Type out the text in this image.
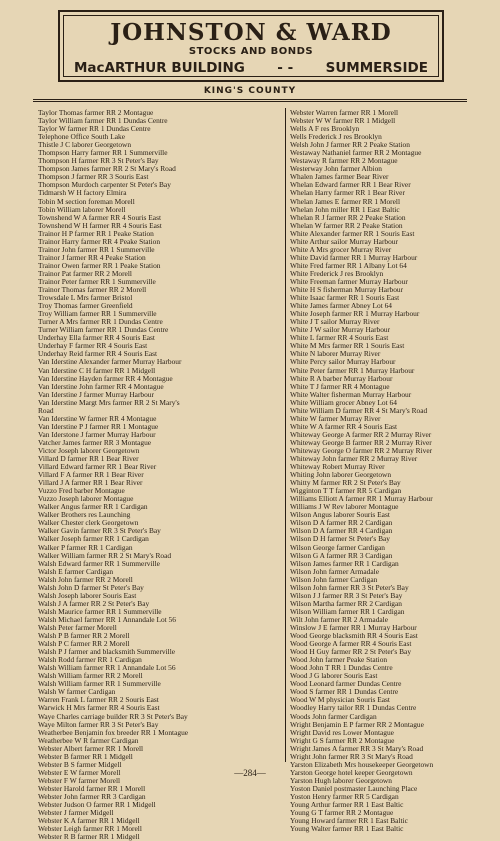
JOHNSTON & WARD
STOCKS AND BONDS
MacARTHUR BUILDING - - SUMMERSIDE
KING'S COUNTY
Taylor Thomas farmer RR 2 Montague
Taylor William farmer RR 1 Dundas Centre
Taylor W farmer RR 1 Dundas Centre
Telephone Office South Lake
Thistle J C laborer Georgetown
Thompson Harry farmer RR 1 Summerville
Thompson H farmer RR 3 St Peter's Bay
Thompson James farmer RR 2 St Mary's Road
Thompson J farmer RR 3 Souris East
Thompson Murdoch carpenter St Peter's Bay
Tidmarsh W H factory Elmira
Tobin M section foreman Morell
Tobin William laborer Morell
Townshend W A farmer RR 4 Souris East
Townshend W H farmer RR 4 Souris East
Trainor H P farmer RR 1 Peake Station
Trainor Harry farmer RR 4 Peake Station
Trainor John farmer RR 1 Summerville
Trainor J farmer RR 4 Peake Station
Trainor Owen farmer RR 1 Peake Station
Trainor Pat farmer RR 2 Morell
Trainor Peter farmer RR 1 Summerville
Trainor Thomas farmer RR 2 Morell
Trowsdale L Mrs farmer Bristol
Troy Thomas farmer Greenfield
Troy William farmer RR 1 Summerville
Turner A Mrs farmer RR 1 Dundas Centre
Turner William farmer RR 1 Dundas Centre
Underhay Ella farmer RR 4 Souris East
Underhay F farmer RR 4 Souris East
Underhay Reid farmer RR 4 Souris East
Van Iderstine Alexander farmer Murray Harbour
Van Iderstine C H farmer RR 1 Midgell
Van Iderstine Hayden farmer RR 4 Montague
Van Iderstine John farmer RR 4 Montague
Van Iderstine J farmer Murray Harbour
Van Iderstine Margt Mrs farmer RR 2 St Mary's
Road
Van Iderstine W farmer RR 4 Montague
Van Iderstine P J farmer RR 1 Montague
Van Iderstone J farmer Murray Harbour
Vatcher James farmer RR 3 Montague
Victor Joseph laborer Georgetown
Villard D farmer RR 1 Bear River
Villard Edward farmer RR 1 Bear River
Villard F A farmer RR 1 Bear River
Villard J A farmer RR 1 Bear River
Vuzzo Fred barber Montague
Vuzzo Joseph laborer Montague
Walker Angus farmer RR 1 Cardigan
Walker Brothers res Launching
Walker Chester clerk Georgetown
Walker Gavin farmer RR 3 St Peter's Bay
Walker Joseph farmer RR 1 Cardigan
Walker P farmer RR 1 Cardigan
Walker William farmer RR 2 St Mary's Road
Walsh Edward farmer RR 1 Summerville
Walsh E farmer Cardigan
Walsh John farmer RR 2 Morell
Walsh John D farmer St Peter's Bay
Walsh Joseph laborer Souris East
Walsh J A farmer RR 2 St Peter's Bay
Walsh Maurice farmer RR 1 Summerville
Walsh Michael farmer RR 1 Annandale Lot 56
Walsh Peter farmer Morell
Walsh P B farmer RR 2 Morell
Walsh P C farmer RR 2 Morell
Walsh P J farmer and blacksmith Summerville
Walsh Rodd farmer RR 1 Cardigan
Walsh William farmer RR 1 Annandale Lot 56
Walsh William farmer RR 2 Morell
Walsh William farmer RR 1 Summerville
Walsh W farmer Cardigan
Warren Frank L farmer RR 2 Souris East
Warwick H Mrs farmer RR 4 Souris East
Waye Charles carriage builder RR 3 St Peter's Bay
Waye Milton farmer RR 3 St Peter's Bay
Weatherbee Benjamin fox breeder RR 1 Montague
Weatherbee W R farmer Cardigan
Webster Albert farmer RR 1 Morell
Webster B farmer RR 1 Midgell
Webster B S farmer Midgell
Webster E W farmer Morell
Webster F W farmer Morell
Webster Harold farmer RR 1 Morell
Webster John farmer RR 3 Cardigan
Webster Judson O farmer RR 1 Midgell
Webster J farmer Midgell
Webster K A farmer RR 1 Midgell
Webster Leigh farmer RR 1 Morell
Webster R B farmer RR 1 Midgell
Webster Warren farmer RR 1 Morell
Webster W W farmer RR 1 Midgell
Wells A F res Brooklyn
Wells Frederick J res Brooklyn
Welsh John J farmer RR 2 Peake Station
Westaway Nathaniel farmer RR 2 Montague
Westaway R farmer RR 2 Montague
Westerway John farmer Albion
Whalen James farmer Bear River
Whelan Edward farmer RR 1 Bear River
Whelan Harry farmer RR 1 Bear River
Whelan James E farmer RR 1 Morell
Whelan John miller RR 1 East Baltic
Whelan R J farmer RR 2 Peake Station
Whelan W farmer RR 2 Peake Station
White Alexander farmer RR 1 Souris East
White Arthur sailor Murray Harbour
White A Mrs grocer Murray River
White David farmer RR 1 Murray Harbour
White Fred farmer RR 1 Albany Lot 64
White Frederick J res Brooklyn
White Freeman farmer Murray Harbour
White H S fisherman Murray Harbour
White Isaac farmer RR 1 Souris East
White James farmer Abney Lot 64
White Joseph farmer RR 1 Murray Harbour
White J T sailor Murray River
White J W sailor Murray Harbour
White L farmer RR 4 Souris East
White M Mrs farmer RR 1 Souris East
White N laborer Murray River
White Percy sailor Murray Harbour
White Peter farmer RR 1 Murray Harbour
White R A barber Murray Harbour
White T J farmer RR 4 Montague
White Walter fisherman Murray Harbour
White William grocer Abney Lot 64
White William D farmer RR 4 St Mary's Road
White W farmer Murray River
White W A farmer RR 4 Souris East
Whiteway George A farmer RR 2 Murray River
Whiteway George B farmer RR 2 Murray River
Whiteway George O farmer RR 2 Murray River
Whiteway John farmer RR 2 Murray River
Whiteway Robert Murray River
Whiting John laborer Georgetown
Whitty M farmer RR 2 St Peter's Bay
Wigginton T T farmer RR 5 Cardigan
Williams Elliott A farmer RR 1 Murray Harbour
Williams J W Rev laborer Montague
Wilson Angus laborer Souris East
Wilson D A farmer RR 2 Cardigan
Wilson D A farmer RR 4 Cardigan
Wilson D H farmer St Peter's Bay
Wilson George farmer Cardigan
Wilson G A farmer RR 3 Cardigan
Wilson James farmer RR 1 Cardigan
Wilson John farmer Armadale
Wilson John farmer Cardigan
Wilson John farmer RR 3 St Peter's Bay
Wilson J J farmer RR 3 St Peter's Bay
Wilson Martha farmer RR 2 Cardigan
Wilson William farmer RR 1 Cardigan
Wilt John farmer RR 2 Armadale
Winslow J E farmer RR 1 Murray Harbour
Wood George blacksmith RR 4 Souris East
Wood George A farmer RR 4 Souris East
Wood H Guy farmer RR 2 St Peter's Bay
Wood John farmer Peake Station
Wood John T RR 1 Dundas Centre
Wood J G laborer Souris East
Wood Leonard farmer Dundas Centre
Wood S farmer RR 1 Dundas Centre
Wood W M physician Souris East
Woodley Harry tailor RR 1 Dundas Centre
Woods John farmer Cardigan
Wright Benjamin E P farmer RR 2 Montague
Wright David res Lower Montague
Wright G S farmer RR 2 Montague
Wright James A farmer RR 3 St Mary's Road
Wright John farmer RR 3 St Mary's Road
Yarston Elizabeth Mrs housekeeper Georgetown
Yarston George hotel keeper Georgetown
Yarston Hugh laborer Georgetown
Yoston Daniel postmaster Launching Place
Yoston Henry farmer RR 5 Cardigan
Young Arthur farmer RR 1 East Baltic
Young G T farmer RR 2 Montague
Young Howard farmer RR 1 East Baltic
Young Walter farmer RR 1 East Baltic
—284—
